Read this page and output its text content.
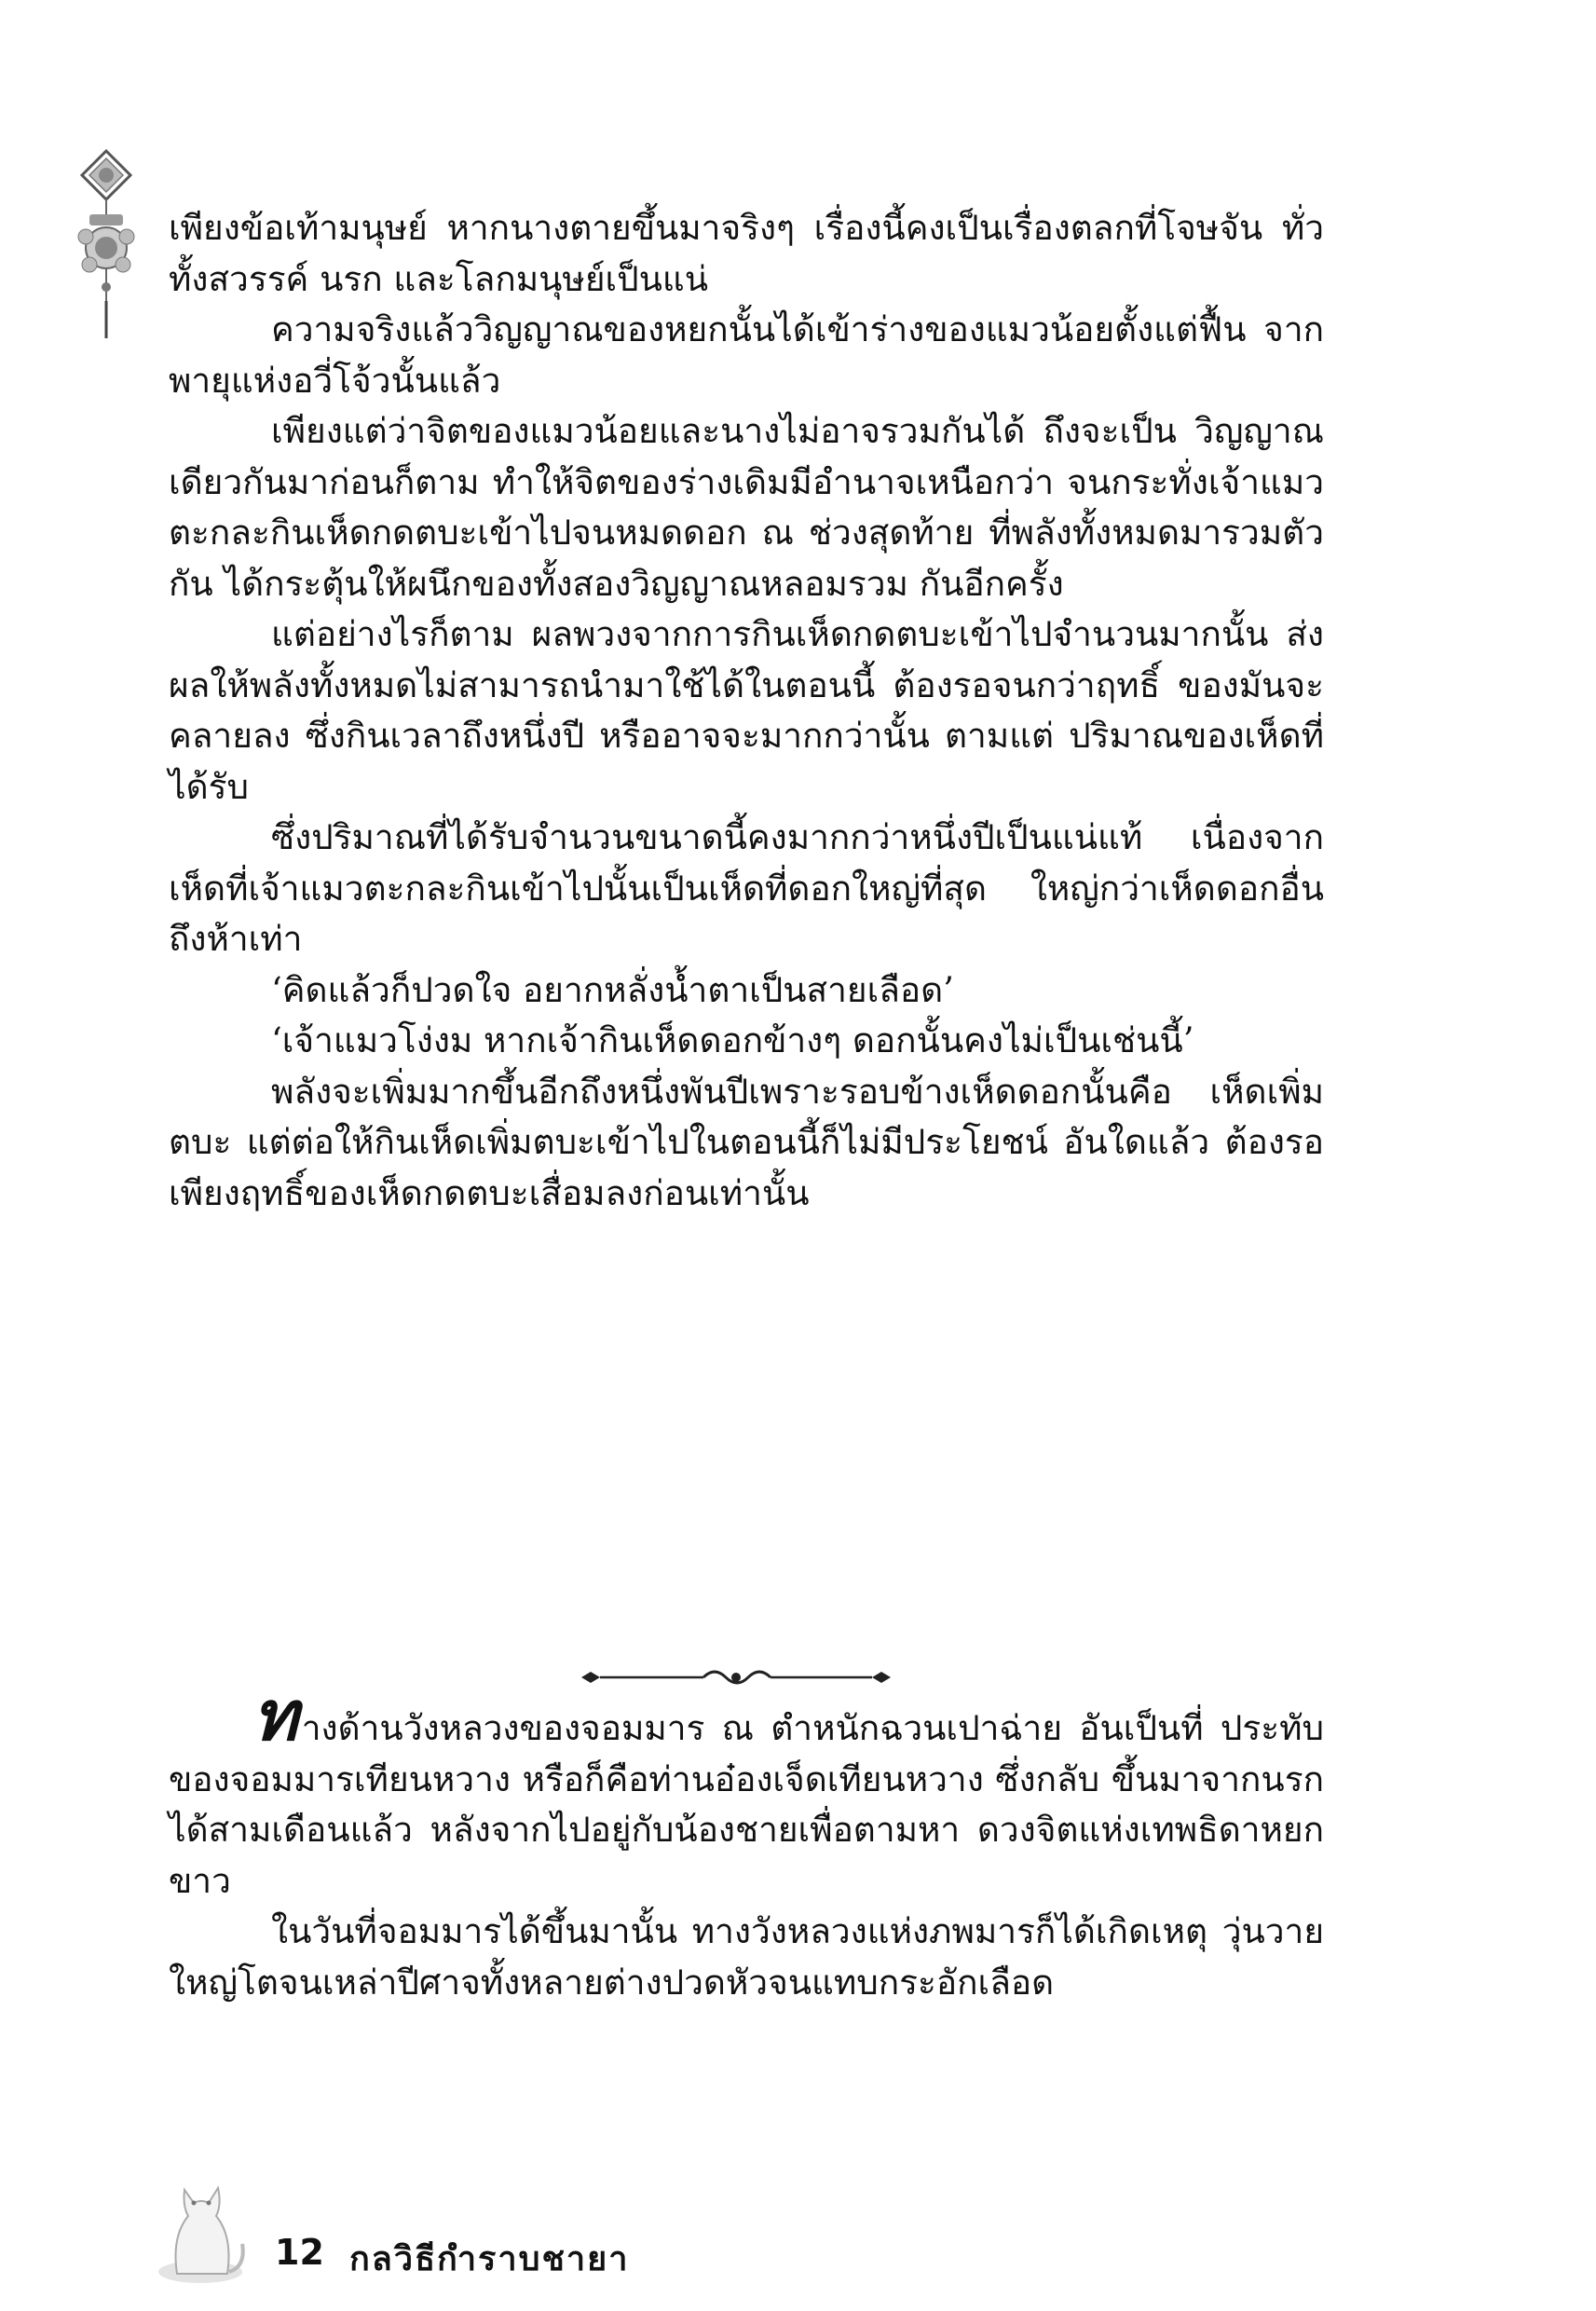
เพียงข้อเท้ามนุษย์ หากนางตายขึ้นมาจริงๆ เรื่องนี้คงเป็นเรื่องตลกที่โจษจัน ทั่วทั้งสวรรค์ นรก และโลกมนุษย์เป็นแน่

ความจริงแล้ววิญญาณของหยกนั้นได้เข้าร่างของแมวน้อยตั้งแต่ฟื้น จากพายุแห่งอวี่โจ้วนั้นแล้ว

เพียงแต่ว่าจิตของแมวน้อยและนางไม่อาจรวมกันได้ ถึงจะเป็น วิญญาณเดียวกันมาก่อนก็ตาม ทำให้จิตของร่างเดิมมีอำนาจเหนือกว่า จนกระทั่งเจ้าแมวตะกละกินเห็ดกดตบะเข้าไปจนหมดดอก ณ ช่วงสุดท้าย ที่พลังทั้งหมดมารวมตัวกัน ได้กระตุ้นให้ผนึกของทั้งสองวิญญาณหลอมรวม กันอีกครั้ง

แต่อย่างไรก็ตาม ผลพวงจากการกินเห็ดกดตบะเข้าไปจำนวนมากนั้น ส่งผลให้พลังทั้งหมดไม่สามารถนำมาใช้ได้ในตอนนี้ ต้องรอจนกว่าฤทธิ์ ของมันจะคลายลง ซึ่งกินเวลาถึงหนึ่งปี หรืออาจจะมากกว่านั้น ตามแต่ ปริมาณของเห็ดที่ได้รับ

ซึ่งปริมาณที่ได้รับจำนวนขนาดนี้คงมากกว่าหนึ่งปีเป็นแน่แท้ เนื่องจาก เห็ดที่เจ้าแมวตะกละกินเข้าไปนั้นเป็นเห็ดที่ดอกใหญ่ที่สุด ใหญ่กว่าเห็ดดอกอื่น ถึงห้าเท่า

‘คิดแล้วก็ปวดใจ อยากหลั่งน้ำตาเป็นสายเลือด’

‘เจ้าแมวโง่งม หากเจ้ากินเห็ดดอกข้างๆ ดอกนั้นคงไม่เป็นเช่นนี้’

พลังจะเพิ่มมากขึ้นอีกถึงหนึ่งพันปีเพราะรอบข้างเห็ดดอกนั้นคือ เห็ดเพิ่มตบะ แต่ต่อให้กินเห็ดเพิ่มตบะเข้าไปในตอนนี้ก็ไม่มีประโยชน์ อันใดแล้ว ต้องรอเพียงฤทธิ์ของเห็ดกดตบะเสื่อมลงก่อนเท่านั้น

ทางด้านวังหลวงของจอมมาร ณ ตำหนักฉวนเปาฉ่าย อันเป็นที่ ประทับของจอมมารเทียนหวาง หรือก็คือท่านอ๋องเจ็ดเทียนหวาง ซึ่งกลับ ขึ้นมาจากนรกได้สามเดือนแล้ว หลังจากไปอยู่กับน้องชายเพื่อตามหา ดวงจิตแห่งเทพธิดาหยกขาว

ในวันที่จอมมารได้ขึ้นมานั้น ทางวังหลวงแห่งภพมารก็ได้เกิดเหตุ วุ่นวายใหญ่โตจนเหล่าปีศาจทั้งหลายต่างปวดหัวจนแทบกระอักเลือด

12 กลวิธีกำราบชายา
